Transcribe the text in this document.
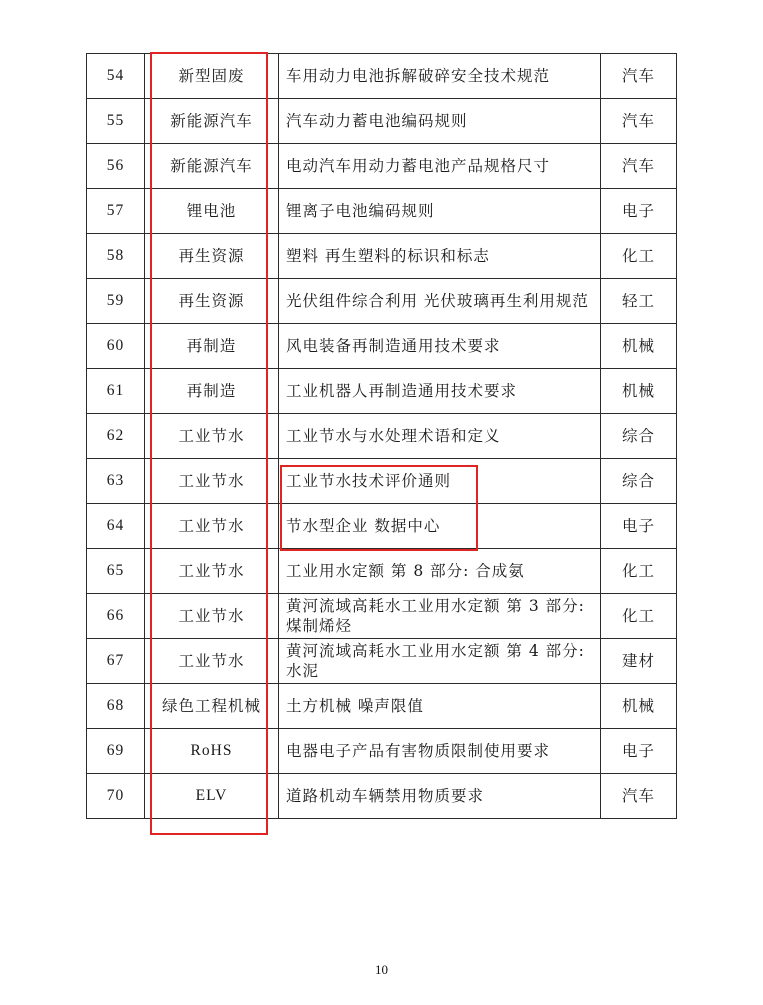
54	新型固废	车用动力电池拆解破碎安全技术规范	汽车
55	新能源汽车	汽车动力蓄电池编码规则	汽车
56	新能源汽车	电动汽车用动力蓄电池产品规格尺寸	汽车
57	锂电池	锂离子电池编码规则	电子
58	再生资源	塑料 再生塑料的标识和标志	化工
59	再生资源	光伏组件综合利用 光伏玻璃再生利用规范	轻工
60	再制造	风电装备再制造通用技术要求	机械
61	再制造	工业机器人再制造通用技术要求	机械
62	工业节水	工业节水与水处理术语和定义	综合
63	工业节水	工业节水技术评价通则	综合
64	工业节水	节水型企业 数据中心	电子
65	工业节水	工业用水定额 第 8 部分: 合成氨	化工
66	工业节水	黄河流域高耗水工业用水定额 第 3 部分: 煤制烯烃	化工
67	工业节水	黄河流域高耗水工业用水定额 第 4 部分: 水泥	建材
68	绿色工程机械	土方机械 噪声限值	机械
69	RoHS	电器电子产品有害物质限制使用要求	电子
70	ELV	道路机动车辆禁用物质要求	汽车
10
